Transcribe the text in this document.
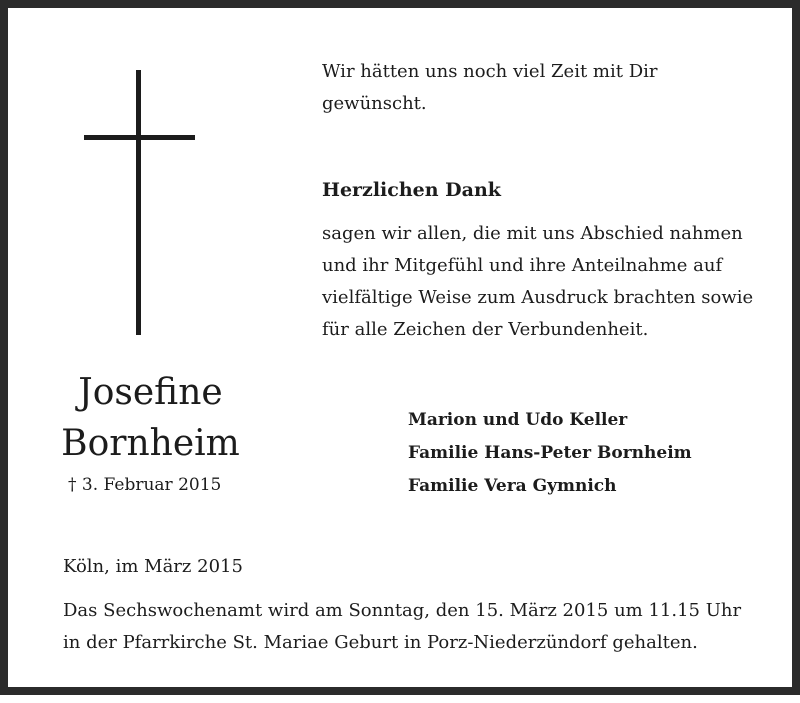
Wir hätten uns noch viel Zeit mit Dir
gewünscht.
Herzlichen Dank
sagen wir allen, die mit uns Abschied nahmen
und ihr Mitgefühl und ihre Anteilnahme auf
vielfältige Weise zum Ausdruck brachten sowie
für alle Zeichen der Verbundenheit.
Josefine
Bornheim
† 3. Februar 2015
Marion und Udo Keller
Familie Hans-Peter Bornheim
Familie Vera Gymnich
Köln, im März 2015
Das Sechswochenamt wird am Sonntag, den 15. März 2015 um 11.15 Uhr
in der Pfarrkirche St. Mariae Geburt in Porz-Niederzündorf gehalten.
